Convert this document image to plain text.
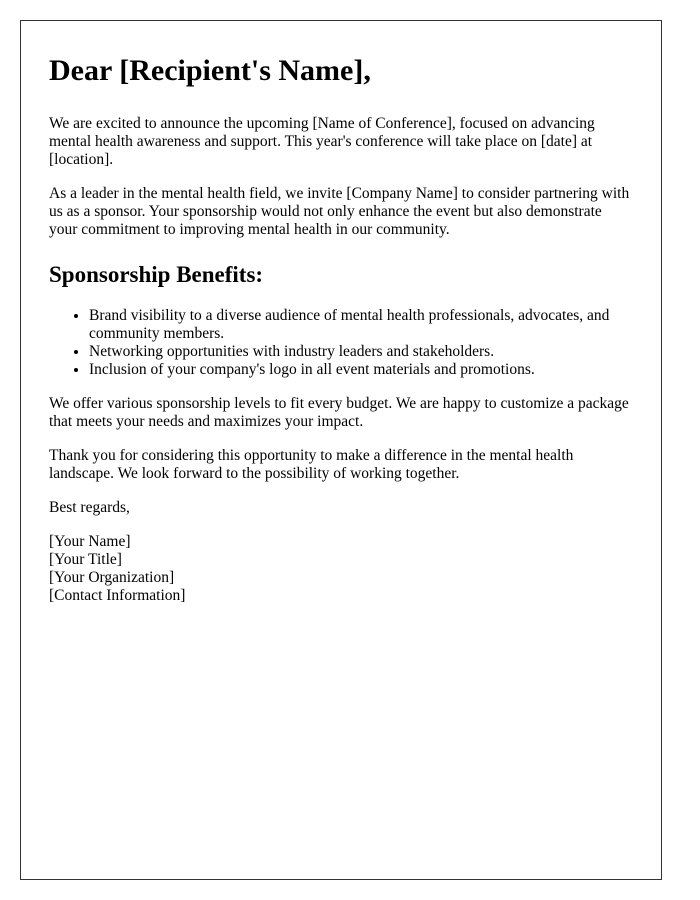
Dear [Recipient's Name],

We are excited to announce the upcoming [Name of Conference], focused on advancing mental health awareness and support. This year's conference will take place on [date] at [location].

As a leader in the mental health field, we invite [Company Name] to consider partnering with us as a sponsor. Your sponsorship would not only enhance the event but also demonstrate your commitment to improving mental health in our community.

Sponsorship Benefits:
• Brand visibility to a diverse audience of mental health professionals, advocates, and community members.
• Networking opportunities with industry leaders and stakeholders.
• Inclusion of your company's logo in all event materials and promotions.

We offer various sponsorship levels to fit every budget. We are happy to customize a package that meets your needs and maximizes your impact.

Thank you for considering this opportunity to make a difference in the mental health landscape. We look forward to the possibility of working together.

Best regards,

[Your Name]
[Your Title]
[Your Organization]
[Contact Information]
